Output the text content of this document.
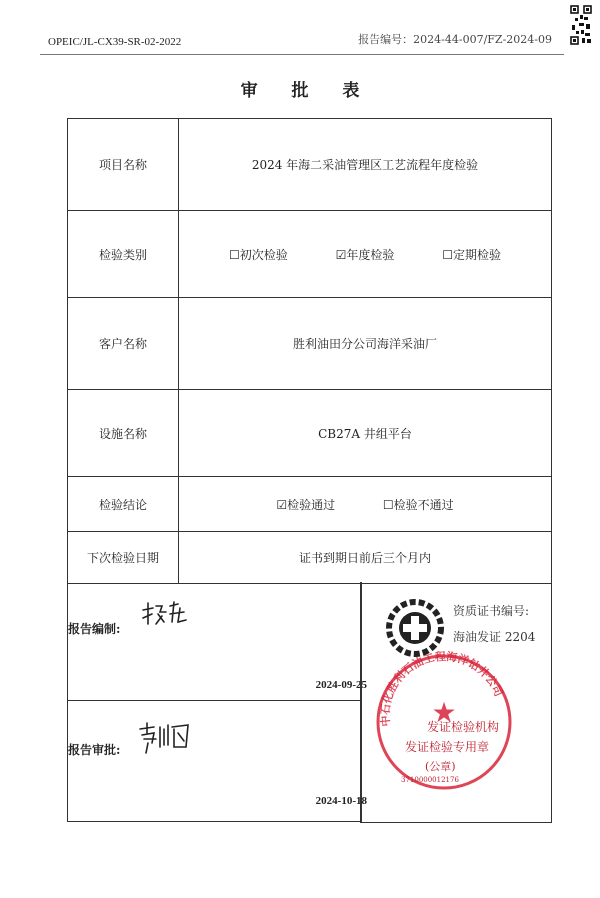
OPEIC/JL-CX39-SR-02-2022	报告编号：2024-44-007/FZ-2024-09
审 批 表
项目名称	2024 年海二采油管理区工艺流程年度检验
检验类别	☐初次检验 ☑年度检验 ☐定期检验
客户名称	胜利油田分公司海洋采油厂
设施名称	CB27A 井组平台
检验结论	☑检验通过 ☐检验不通过
下次检验日期	证书到期日前后三个月内
报告编制:
2024-09-25
报告审批:
2024-10-18
资质证书编号:
海油发证 2204
中石化胜利石油工程海洋钻井公司
★
发证检验机构
发证检验专用章
(公章)
3710000012176
